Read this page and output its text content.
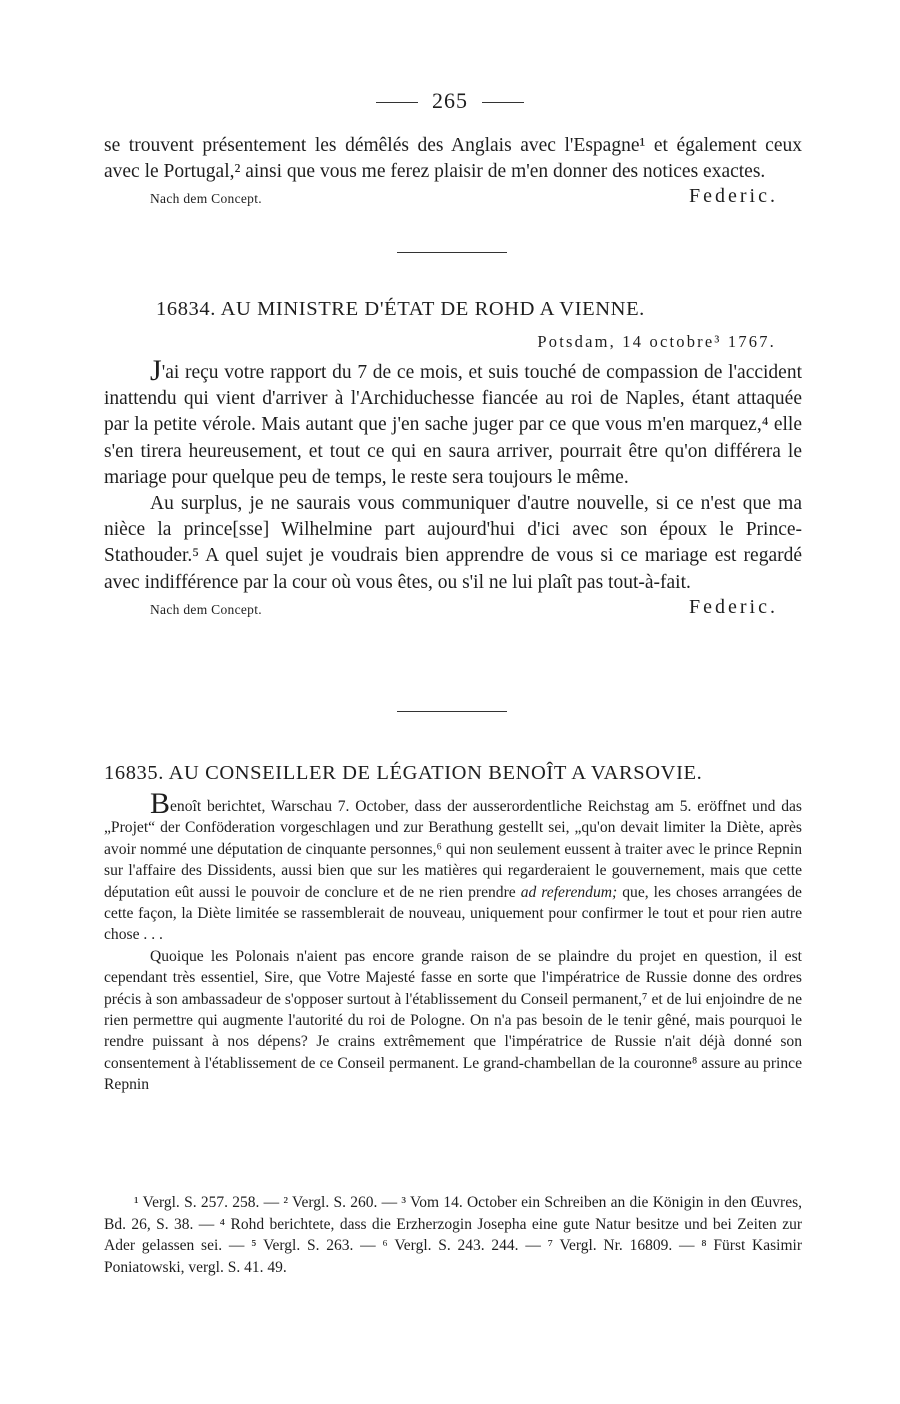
265

se trouvent présentement les démêlés des Anglais avec l'Espagne¹ et également ceux avec le Portugal,² ainsi que vous me ferez plaisir de m'en donner des notices exactes.

Nach dem Concept.	Federic.
16834. AU MINISTRE D'ÉTAT DE ROHD A VIENNE.
Potsdam, 14 octobre³ 1767.

J'ai reçu votre rapport du 7 de ce mois, et suis touché de compassion de l'accident inattendu qui vient d'arriver à l'Archiduchesse fiancée au roi de Naples, étant attaquée par la petite vérole. Mais autant que j'en sache juger par ce que vous m'en marquez,⁴ elle s'en tirera heureusement, et tout ce qui en saura arriver, pourrait être qu'on différera le mariage pour quelque peu de temps, le reste sera toujours le même.

Au surplus, je ne saurais vous communiquer d'autre nouvelle, si ce n'est que ma nièce la prince[sse] Wilhelmine part aujourd'hui d'ici avec son époux le Prince-Stathouder.⁵ A quel sujet je voudrais bien apprendre de vous si ce mariage est regardé avec indifférence par la cour où vous êtes, ou s'il ne lui plaît pas tout-à-fait.

Nach dem Concept.	Federic.
16835. AU CONSEILLER DE LÉGATION BENOÎT A VARSOVIE.

Benoît berichtet, Warschau 7. October, dass der ausserordentliche Reichstag am 5. eröffnet und das „Projet“ der Conföderation vorgeschlagen und zur Berathung gestellt sei, „qu'on devait limiter la Diète, après avoir nommé une députation de cinquante personnes,⁶ qui non seulement eussent à traiter avec le prince Repnin sur l'affaire des Dissidents, aussi bien que sur les matières qui regarderaient le gouvernement, mais que cette députation eût aussi le pouvoir de conclure et de ne rien prendre ad referendum; que, les choses arrangées de cette façon, la Diète limitée se rassemblerait de nouveau, uniquement pour confirmer le tout et pour rien autre chose . . .

Quoique les Polonais n'aient pas encore grande raison de se plaindre du projet en question, il est cependant très essentiel, Sire, que Votre Majesté fasse en sorte que l'impératrice de Russie donne des ordres précis à son ambassadeur de s'opposer surtout à l'établissement du Conseil permanent,⁷ et de lui enjoindre de ne rien permettre qui augmente l'autorité du roi de Pologne. On n'a pas besoin de le tenir gêné, mais pourquoi le rendre puissant à nos dépens? Je crains extrêmement que l'impératrice de Russie n'ait déjà donné son consentement à l'établissement de ce Conseil permanent. Le grand-chambellan de la couronne⁸ assure au prince Repnin

¹ Vergl. S. 257. 258. — ² Vergl. S. 260. — ³ Vom 14. October ein Schreiben an die Königin in den Œuvres, Bd. 26, S. 38. — ⁴ Rohd berichtete, dass die Erzherzogin Josepha eine gute Natur besitze und bei Zeiten zur Ader gelassen sei. — ⁵ Vergl. S. 263. — ⁶ Vergl. S. 243. 244. — ⁷ Vergl. Nr. 16809. — ⁸ Fürst Kasimir Poniatowski, vergl. S. 41. 49.
